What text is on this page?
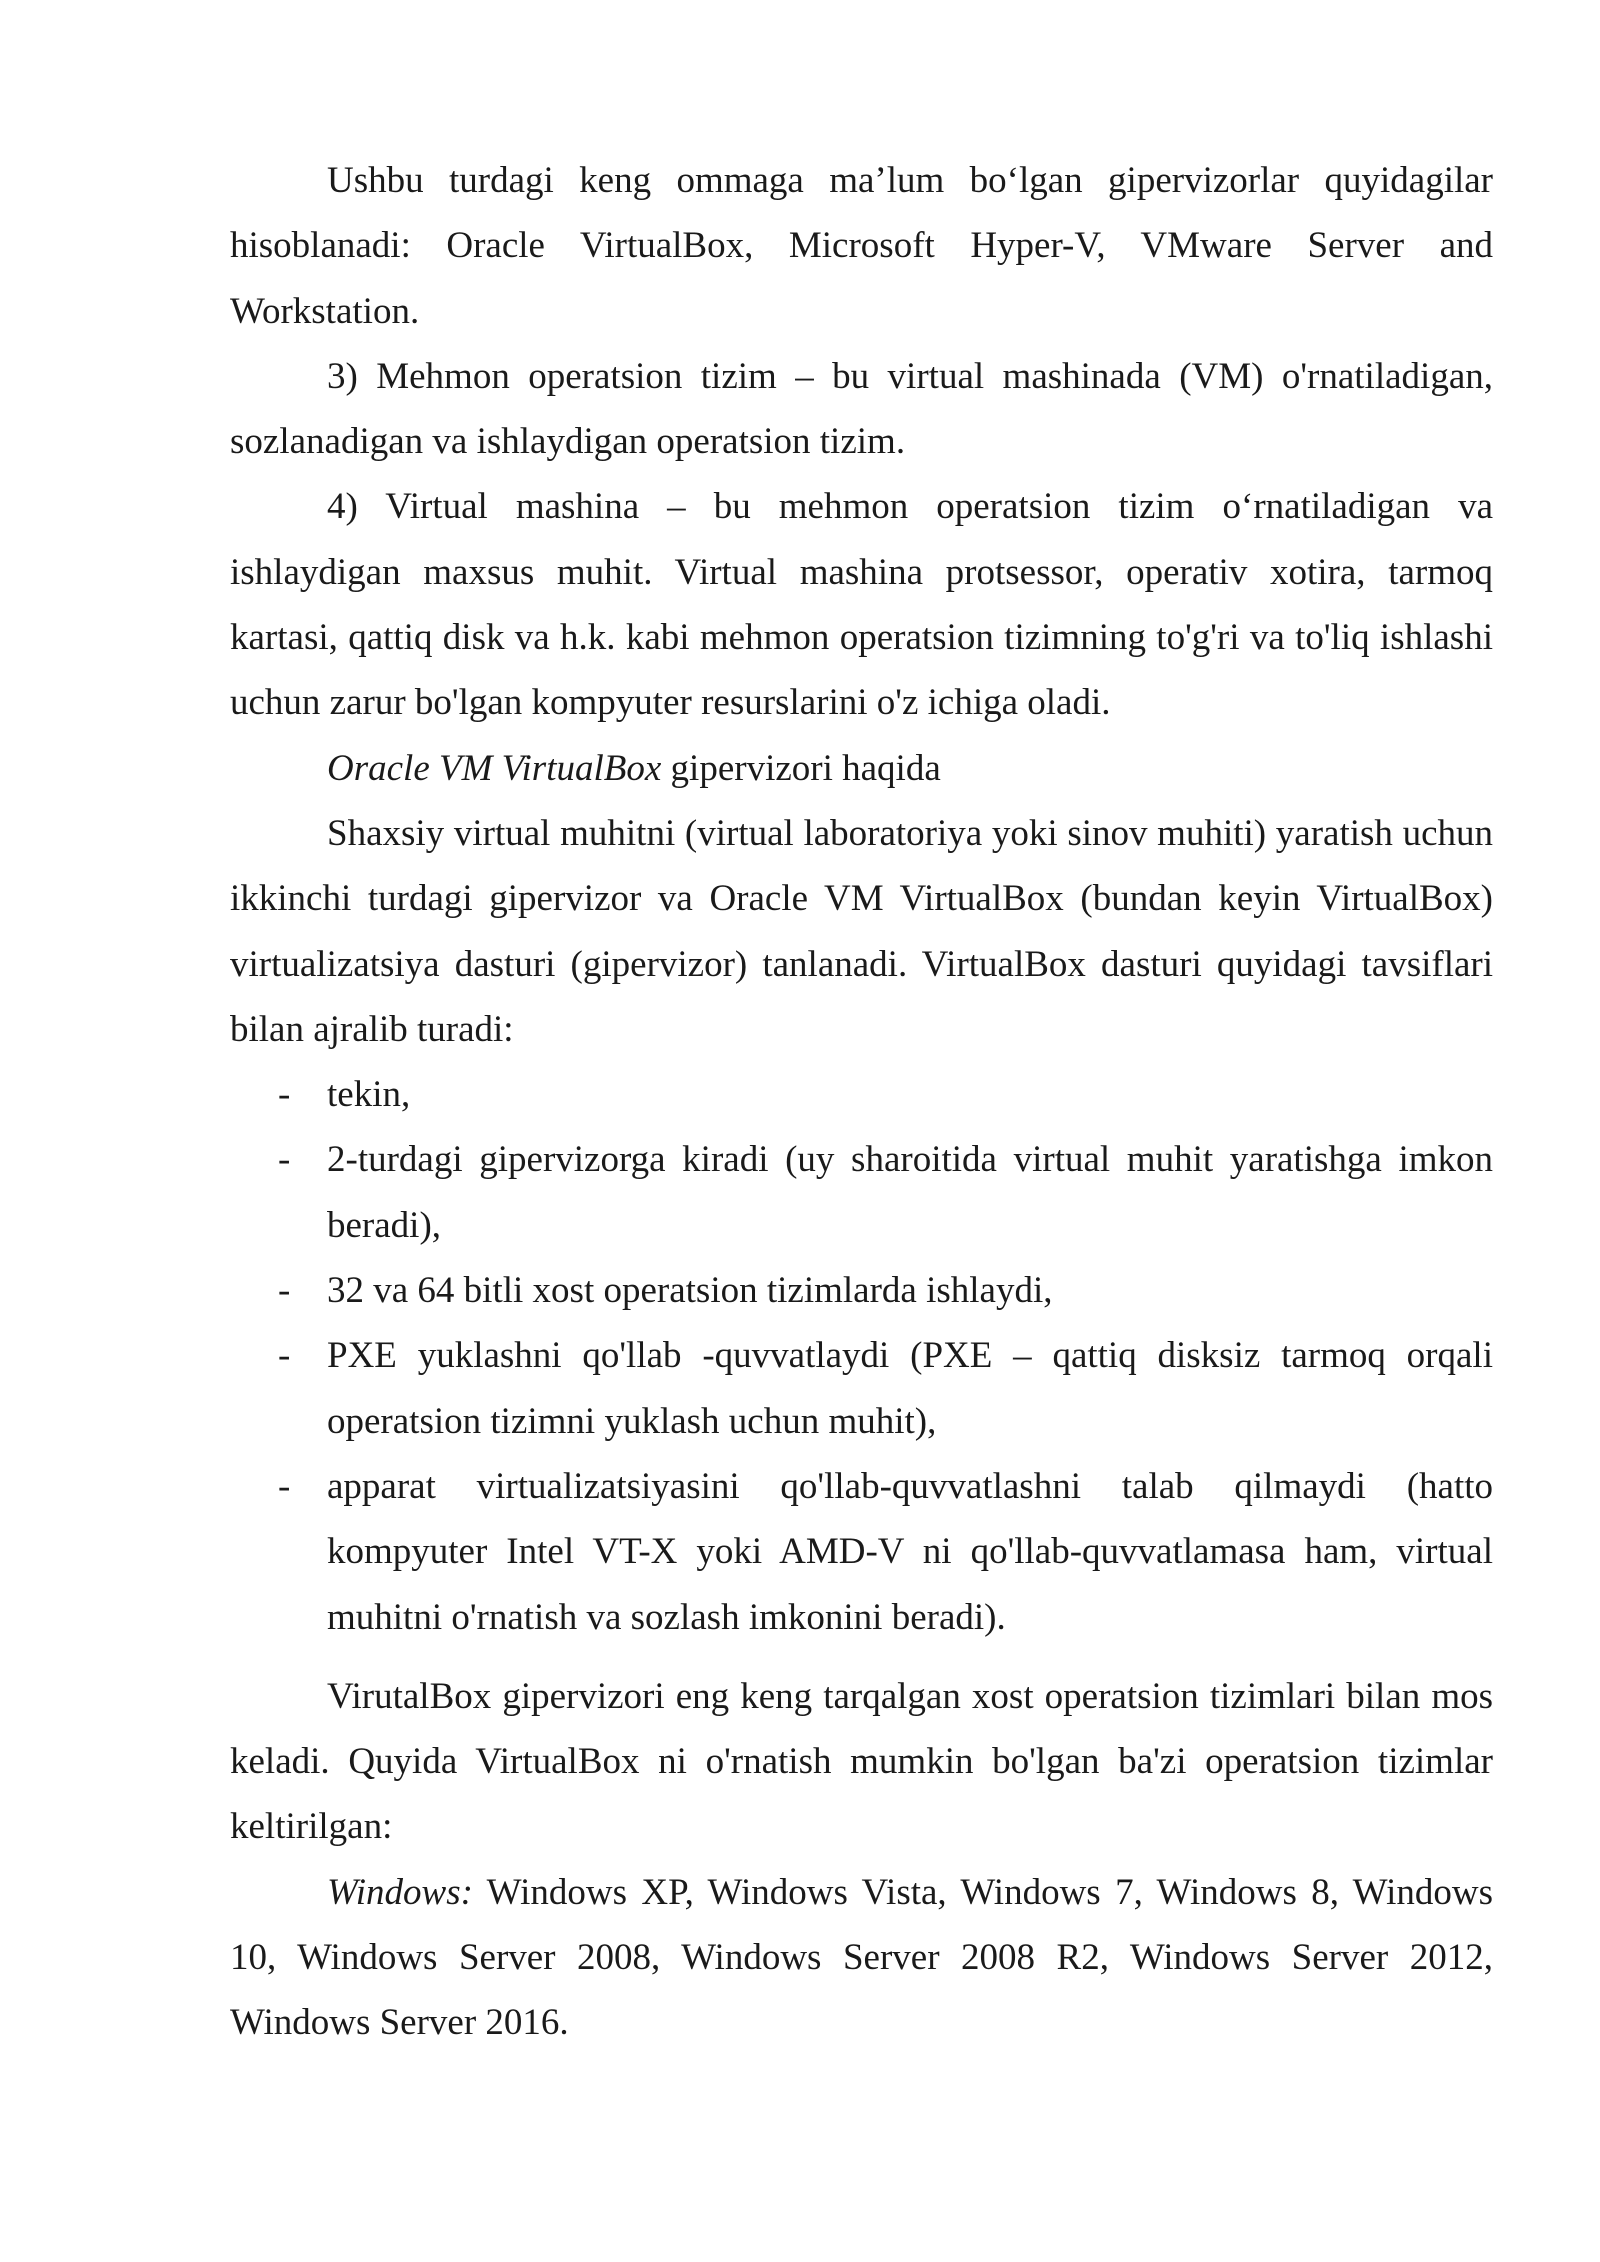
Ushbu turdagi keng ommaga ma’lum bo‘lgan gipervizorlar quyidagilar hisoblanadi: Oracle VirtualBox, Microsoft Hyper-V, VMware Server and Workstation.

3) Mehmon operatsion tizim – bu virtual mashinada (VM) o'rnatiladigan, sozlanadigan va ishlaydigan operatsion tizim.

4) Virtual mashina – bu mehmon operatsion tizim o‘rnatiladigan va ishlaydigan maxsus muhit. Virtual mashina protsessor, operativ xotira, tarmoq kartasi, qattiq disk va h.k. kabi mehmon operatsion tizimning to'g'ri va to'liq ishlashi uchun zarur bo'lgan kompyuter resurslarini o'z ichiga oladi.

Oracle VM VirtualBox gipervizori haqida

Shaxsiy virtual muhitni (virtual laboratoriya yoki sinov muhiti) yaratish uchun ikkinchi turdagi gipervizor va Oracle VM VirtualBox (bundan keyin VirtualBox) virtualizatsiya dasturi (gipervizor) tanlanadi. VirtualBox dasturi quyidagi tavsiflari bilan ajralib turadi:

- tekin,
- 2-turdagi gipervizorga kiradi (uy sharoitida virtual muhit yaratishga imkon beradi),
- 32 va 64 bitli xost operatsion tizimlarda ishlaydi,
- PXE yuklashni qo'llab -quvvatlaydi (PXE – qattiq disksiz tarmoq orqali operatsion tizimni yuklash uchun muhit),
- apparat virtualizatsiyasini qo'llab-quvvatlashni talab qilmaydi (hatto kompyuter Intel VT-X yoki AMD-V ni qo'llab-quvvatlamasa ham, virtual muhitni o'rnatish va sozlash imkonini beradi).

VirutalBox gipervizori eng keng tarqalgan xost operatsion tizimlari bilan mos keladi. Quyida VirtualBox ni o'rnatish mumkin bo'lgan ba'zi operatsion tizimlar keltirilgan:

Windows: Windows XP, Windows Vista, Windows 7, Windows 8, Windows 10, Windows Server 2008, Windows Server 2008 R2, Windows Server 2012, Windows Server 2016.
